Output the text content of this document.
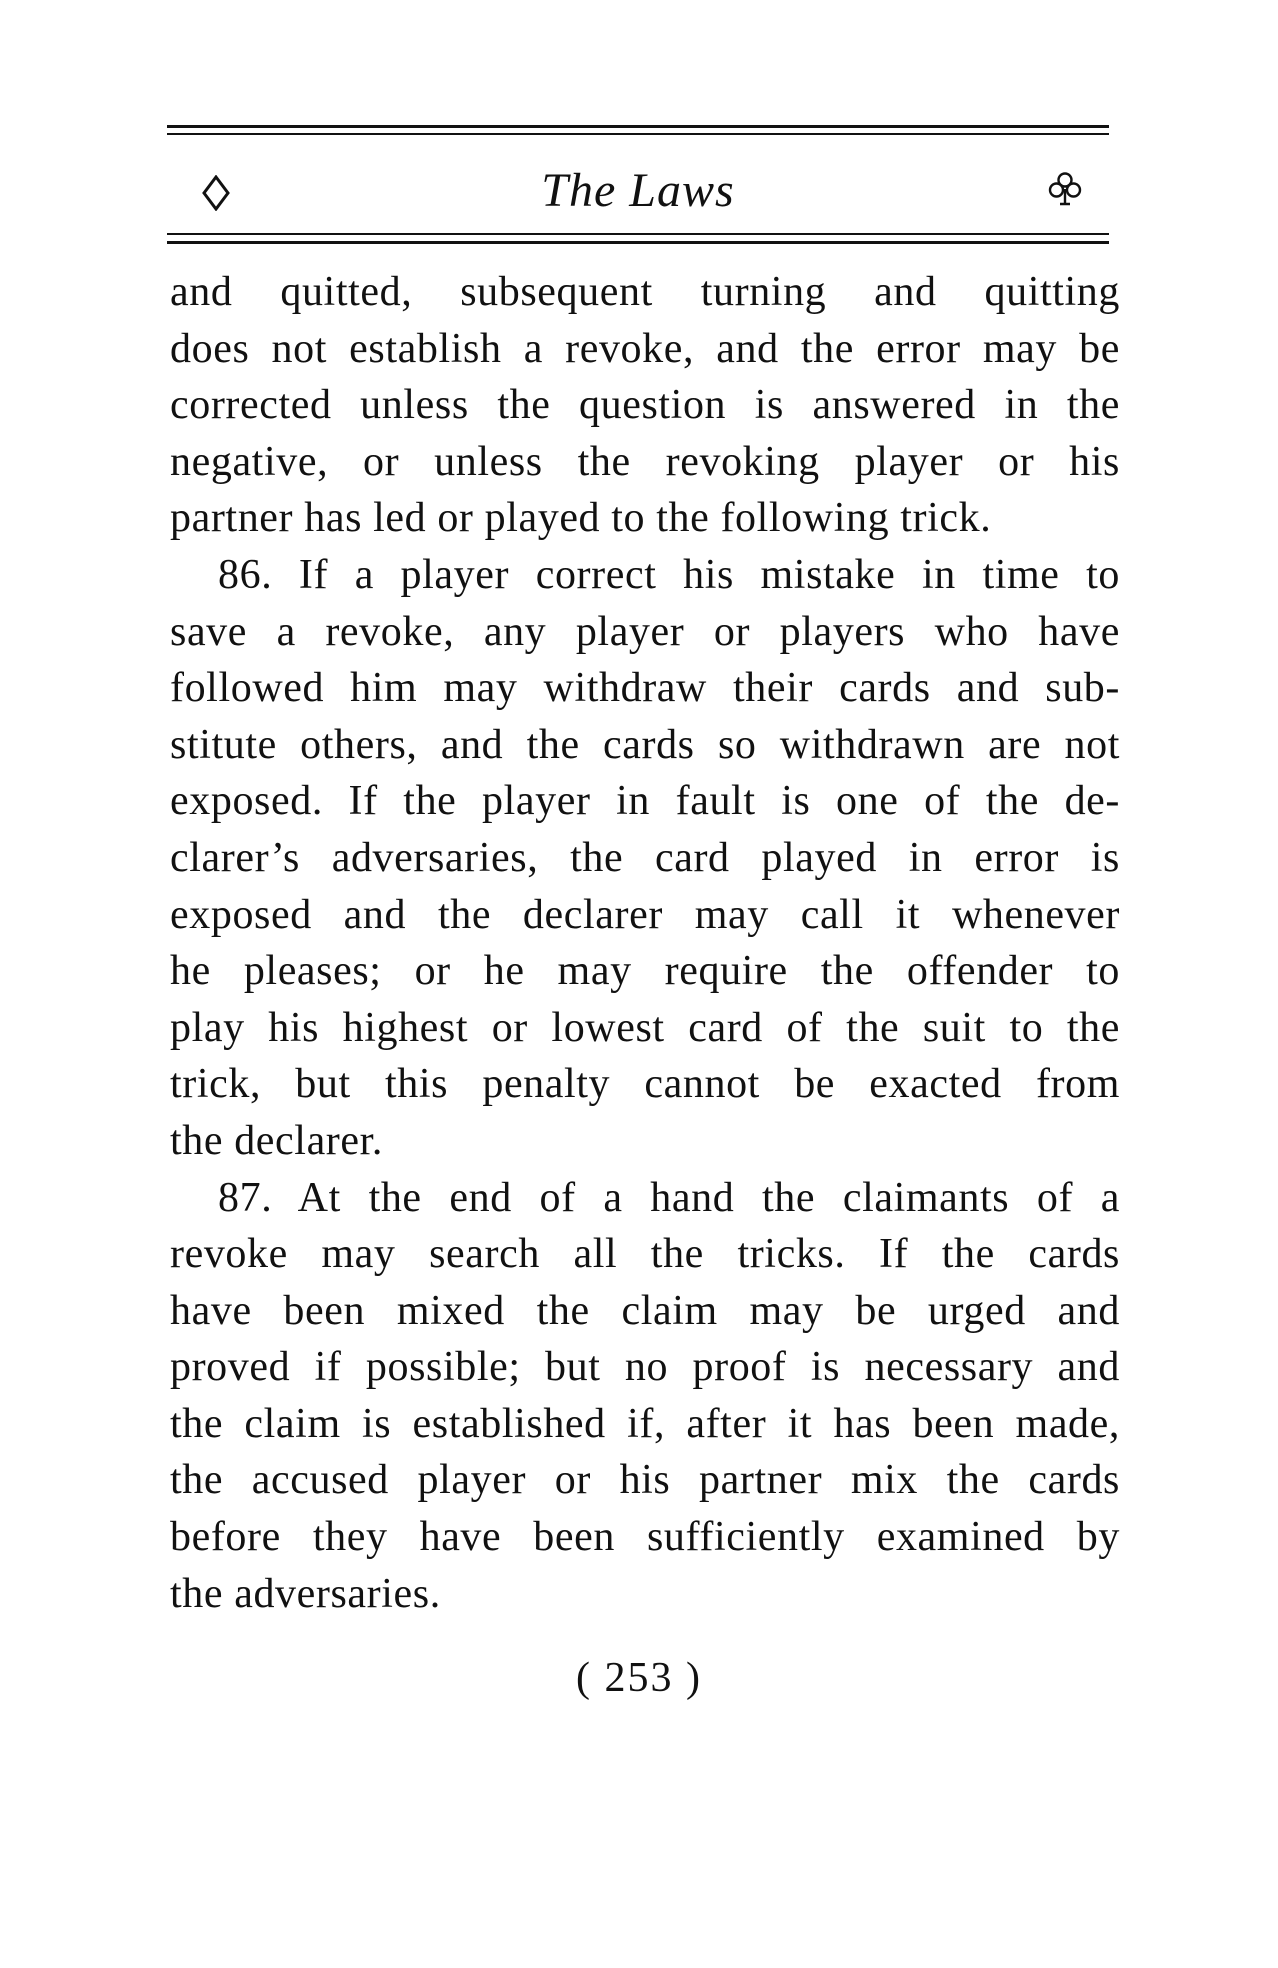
The Laws
and quitted, subsequent turning and quitting
does not establish a revoke, and the error may be
corrected unless the question is answered in the
negative, or unless the revoking player or his
partner has led or played to the following trick.
86. If a player correct his mistake in time to
save a revoke, any player or players who have
followed him may withdraw their cards and sub-
stitute others, and the cards so withdrawn are not
exposed. If the player in fault is one of the de-
clarer’s adversaries, the card played in error is
exposed and the declarer may call it whenever
he pleases; or he may require the offender to
play his highest or lowest card of the suit to the
trick, but this penalty cannot be exacted from
the declarer.
87. At the end of a hand the claimants of a
revoke may search all the tricks. If the cards
have been mixed the claim may be urged and
proved if possible; but no proof is necessary and
the claim is established if, after it has been made,
the accused player or his partner mix the cards
before they have been sufficiently examined by
the adversaries.
( 253 )
